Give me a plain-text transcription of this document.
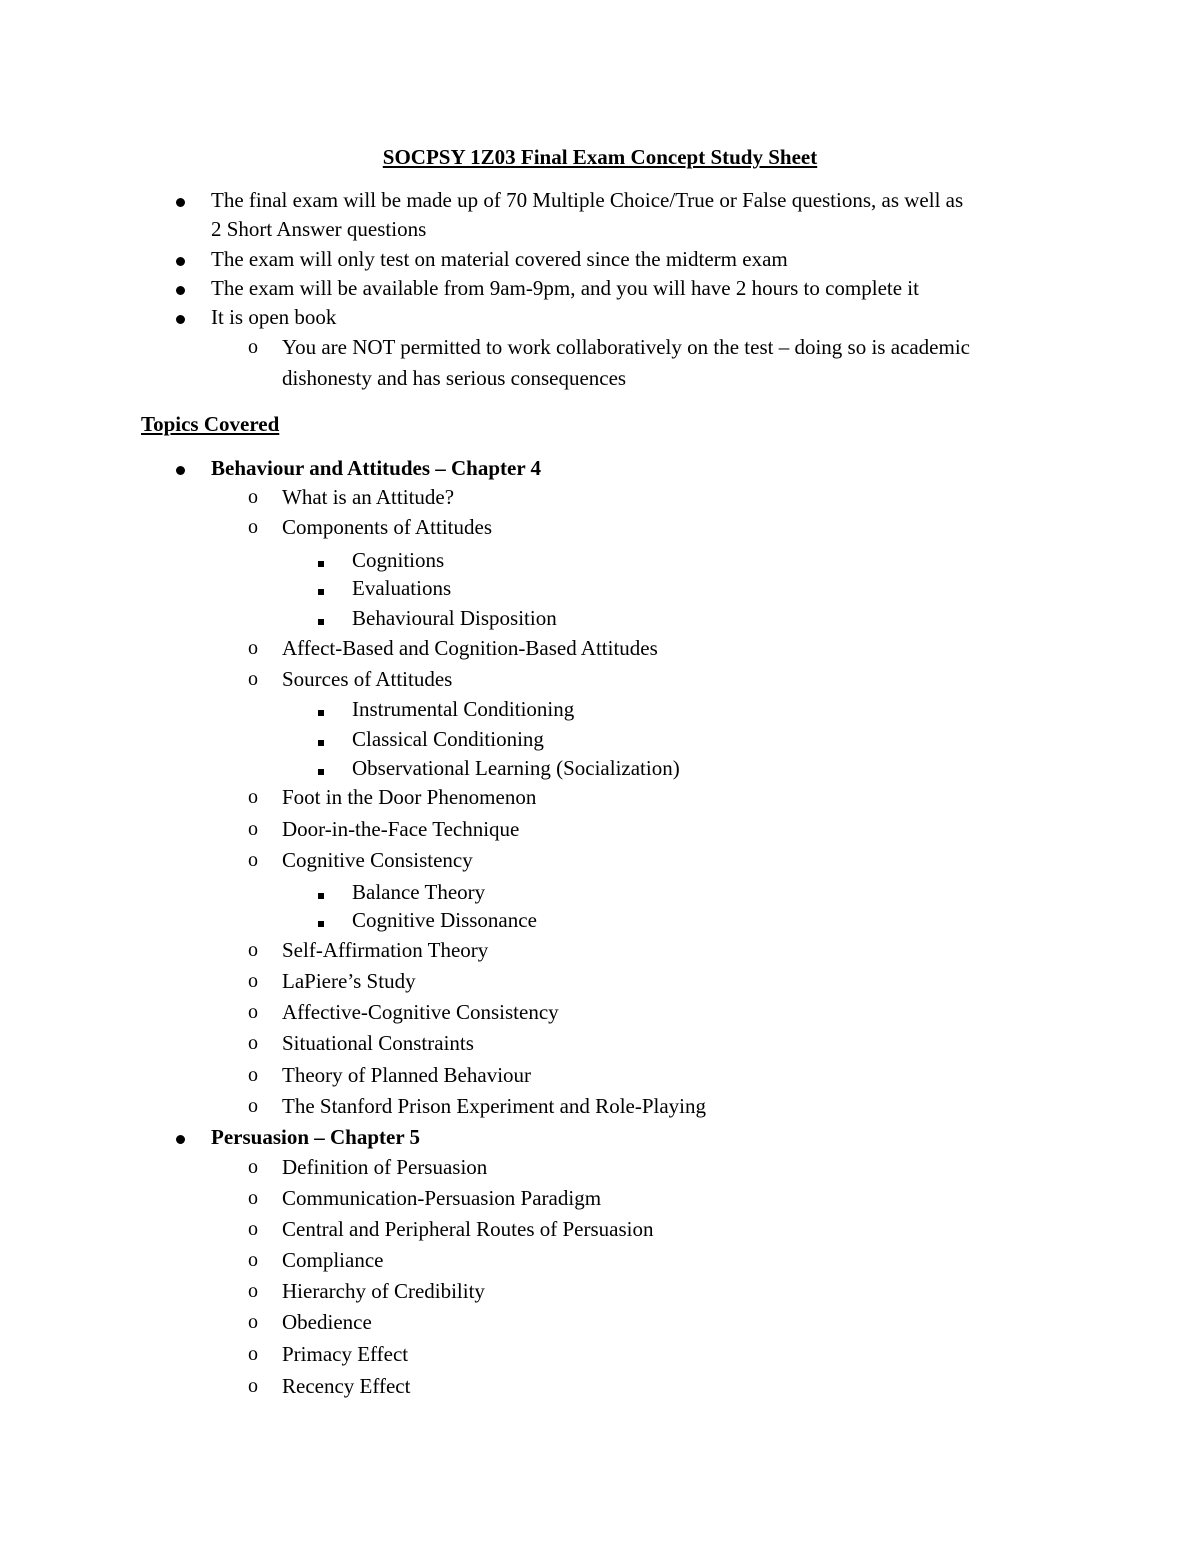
SOCPSY 1Z03 Final Exam Concept Study Sheet
The final exam will be made up of 70 Multiple Choice/True or False questions, as well as
2 Short Answer questions
The exam will only test on material covered since the midterm exam
The exam will be available from 9am-9pm, and you will have 2 hours to complete it
It is open book
o You are NOT permitted to work collaboratively on the test – doing so is academic
dishonesty and has serious consequences
Topics Covered
Behaviour and Attitudes – Chapter 4
o What is an Attitude?
o Components of Attitudes
Cognitions
Evaluations
Behavioural Disposition
o Affect-Based and Cognition-Based Attitudes
o Sources of Attitudes
Instrumental Conditioning
Classical Conditioning
Observational Learning (Socialization)
o Foot in the Door Phenomenon
o Door-in-the-Face Technique
o Cognitive Consistency
Balance Theory
Cognitive Dissonance
o Self-Affirmation Theory
o LaPiere’s Study
o Affective-Cognitive Consistency
o Situational Constraints
o Theory of Planned Behaviour
o The Stanford Prison Experiment and Role-Playing
Persuasion – Chapter 5
o Definition of Persuasion
o Communication-Persuasion Paradigm
o Central and Peripheral Routes of Persuasion
o Compliance
o Hierarchy of Credibility
o Obedience
o Primacy Effect
o Recency Effect
